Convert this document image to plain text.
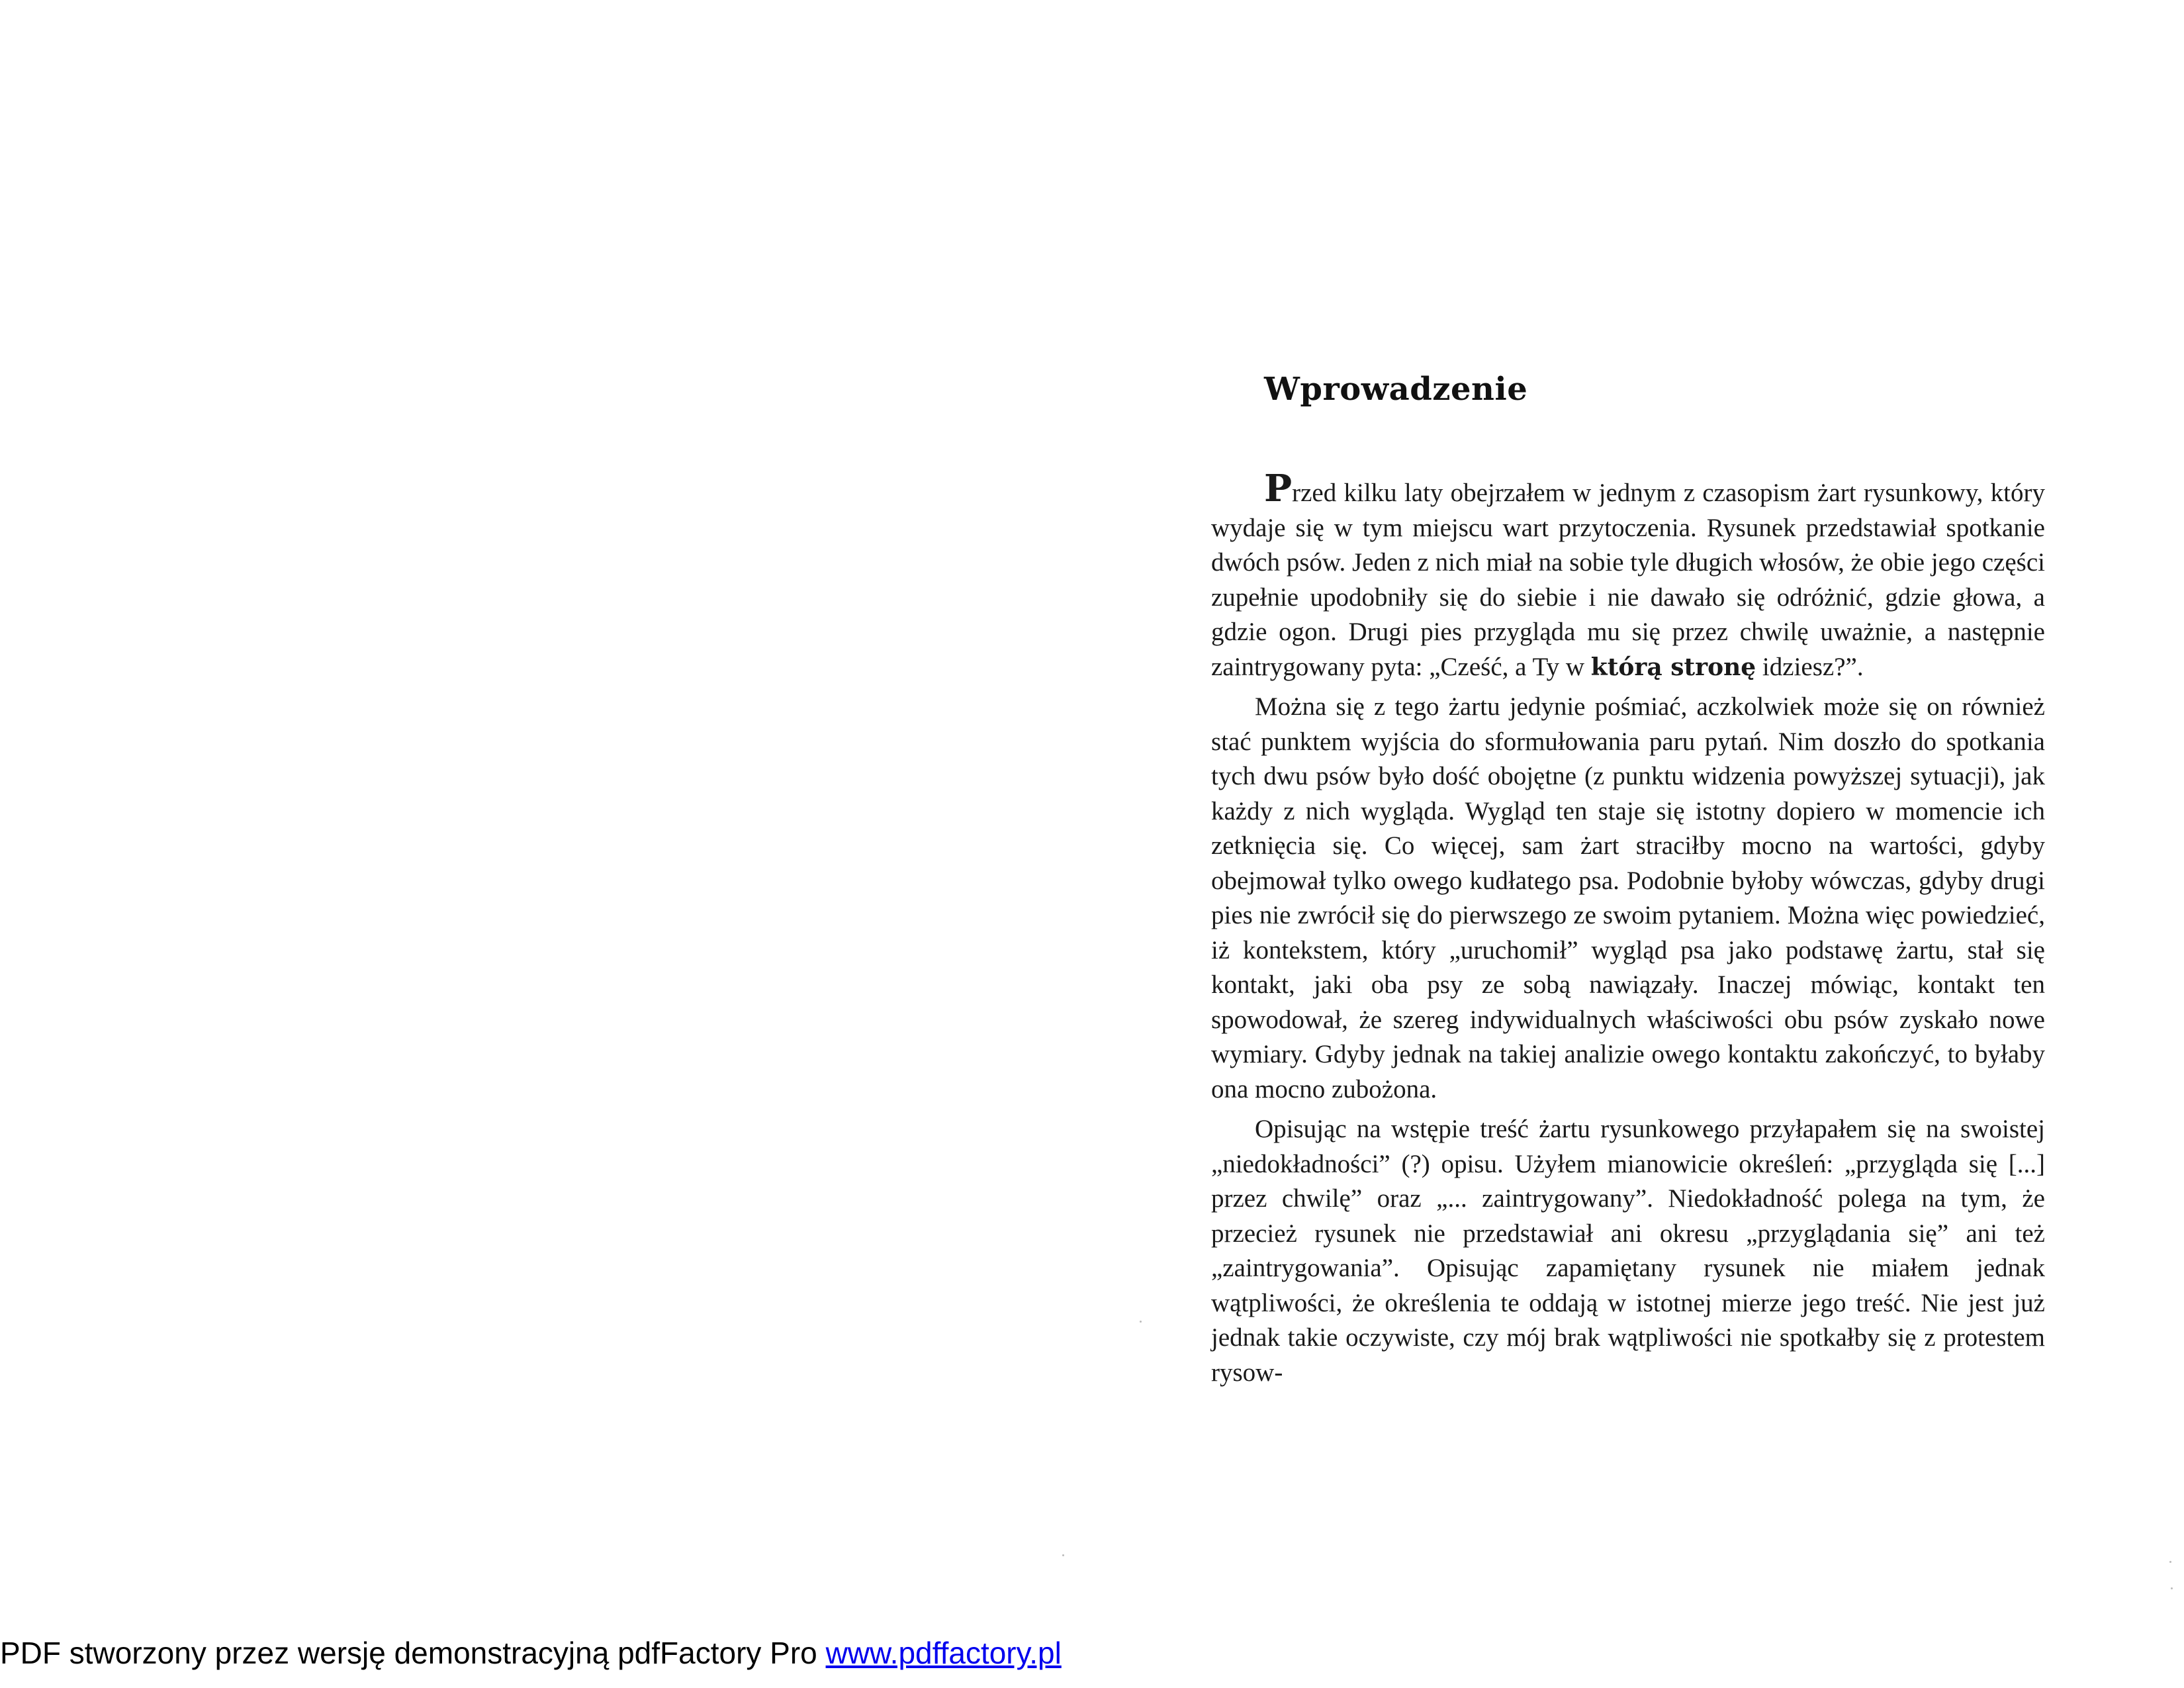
Wprowadzenie

Przed kilku laty obejrzałem w jednym z czasopism żart rysunkowy, który wydaje się w tym miejscu wart przytoczenia. Rysunek przedstawiał spotkanie dwóch psów. Jeden z nich miał na sobie tyle długich włosów, że obie jego części zupełnie upodobniły się do siebie i nie dawało się odróżnić, gdzie głowa, a gdzie ogon. Drugi pies przygląda mu się przez chwilę uważnie, a następnie zaintrygowany pyta: „Cześć, a Ty w którą stronę idziesz?”.

Można się z tego żartu jedynie pośmiać, aczkolwiek może się on również stać punktem wyjścia do sformułowania paru pytań. Nim doszło do spotkania tych dwu psów było dość obojętne (z punktu widzenia powyższej sytuacji), jak każdy z nich wygląda. Wygląd ten staje się istotny dopiero w momencie ich zetknięcia się. Co więcej, sam żart straciłby mocno na wartości, gdyby obejmował tylko owego kudłatego psa. Podobnie byłoby wówczas, gdyby drugi pies nie zwrócił się do pierwszego ze swoim pytaniem. Można więc powiedzieć, iż kontekstem, który „uruchomił” wygląd psa jako podstawę żartu, stał się kontakt, jaki oba psy ze sobą nawiązały. Inaczej mówiąc, kontakt ten spowodował, że szereg indywidualnych właściwości obu psów zyskało nowe wymiary. Gdyby jednak na takiej analizie owego kontaktu zakończyć, to byłaby ona mocno zubożona.

Opisując na wstępie treść żartu rysunkowego przyłapałem się na swoistej „niedokładności” (?) opisu. Użyłem mianowicie określeń: „przygląda się [...] przez chwilę” oraz „... zaintrygowany”. Niedokładność polega na tym, że przecież rysunek nie przedstawiał ani okresu „przyglądania się” ani też „zaintrygowania”. Opisując zapamiętany rysunek nie miałem jednak wątpliwości, że określenia te oddają w istotnej mierze jego treść. Nie jest już jednak takie oczywiste, czy mój brak wątpliwości nie spotkałby się z protestem rysow-

PDF stworzony przez wersję demonstracyjną pdfFactory Pro www.pdffactory.pl
